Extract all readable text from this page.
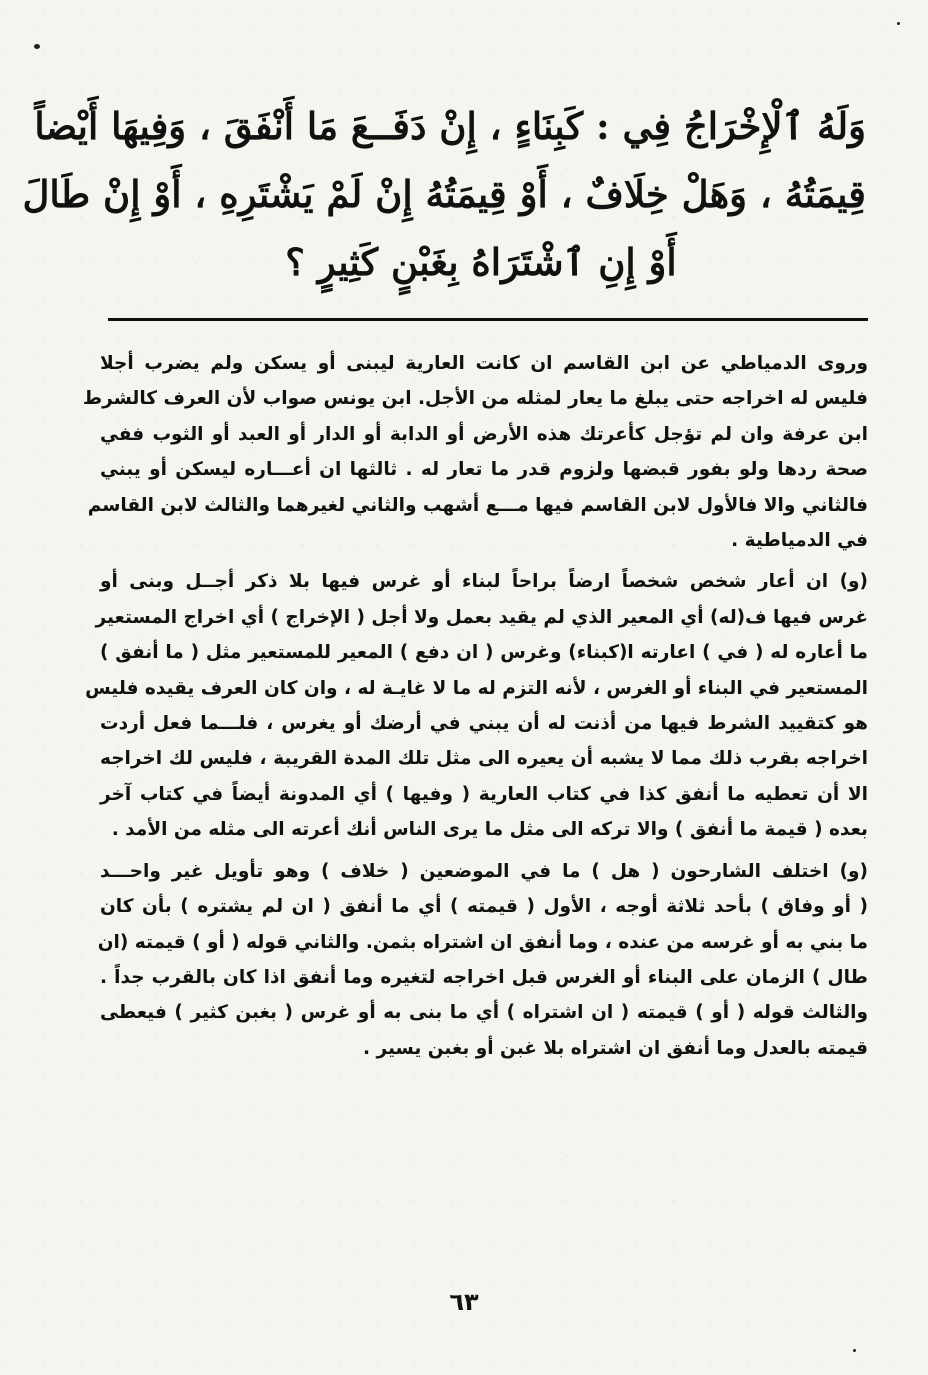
وَلَهُ ٱلْإِخْرَاجُ فِي : كَبِنَاءٍ ، إِنْ دَفَــعَ مَا أَنْفَقَ ، وَفِيهَا أَيْضاً
قِيمَتُهُ ، وَهَلْ خِلَافٌ ، أَوْ قِيمَتُهُ إِنْ لَمْ يَشْتَرِهِ ، أَوْ إِنْ طَالَ
أَوْ إِنِ ٱشْتَرَاهُ بِغَبْنٍ كَثِيرٍ ؟
وروى الدمياطي عن ابن القاسم ان كانت العارية ليبنى أو يسكن ولم يضرب أجلا
فليس له اخراجه حتى يبلغ ما يعار لمثله من الأجل. ابن يونس صواب لأن العرف كالشرط
ابن عرفة وان لم تؤجل كأعرتك هذه الأرض أو الدابة أو الدار أو العبد أو الثوب ففي
صحة ردها ولو بفور قبضها ولزوم قدر ما تعار له . ثالثها ان أعـــاره ليسكن أو يبني
فالثاني والا فالأول لابن القاسم فيها مـــع أشهب والثاني لغيرهما والثالث لابن القاسم
في الدمياطية .
(و) ان أعار شخص شخصاً ارضاً براحاً لبناء أو غرس فيها بلا ذكر أجــل وبنى أو
غرس فيها ف(له) أي المعير الذي لم يقيد بعمل ولا أجل ( الإخراج ) أي اخراج المستعير
ما أعاره له ( في ) اعارته ا(كبناء) وغرس ( ان دفع ) المعير للمستعير مثل ( ما أنفق )
المستعير في البناء أو الغرس ، لأنه التزم له ما لا غايـة له ، وان كان العرف يقيده فليس
هو كتقييد الشرط فيها من أذنت له أن يبني في أرضك أو يغرس ، فلـــما فعل أردت
اخراجه بقرب ذلك مما لا يشبه أن يعيره الى مثل تلك المدة القريبة ، فليس لك اخراجه
الا أن تعطيه ما أنفق كذا في كتاب العارية ( وفيها ) أي المدونة أيضاً في كتاب آخر
بعده ( قيمة ما أنفق ) والا تركه الى مثل ما يرى الناس أنك أعرته الى مثله من الأمد .
(و) اختلف الشارحون ( هل ) ما في الموضعين ( خلاف ) وهو تأويل غير واحـــد
( أو وفاق ) بأحد ثلاثة أوجه ، الأول ( قيمته ) أي ما أنفق ( ان لم يشتره ) بأن كان
ما بني به أو غرسه من عنده ، وما أنفق ان اشتراه بثمن. والثاني قوله ( أو ) قيمته (ان
طال ) الزمان على البناء أو الغرس قبل اخراجه لتغيره وما أنفق اذا كان بالقرب جداً .
والثالث قوله ( أو ) قيمته ( ان اشتراه ) أي ما بنى به أو غرس ( بغبن كثير ) فيعطى
قيمته بالعدل وما أنفق ان اشتراه بلا غبن أو بغبن يسير .
٦٣
